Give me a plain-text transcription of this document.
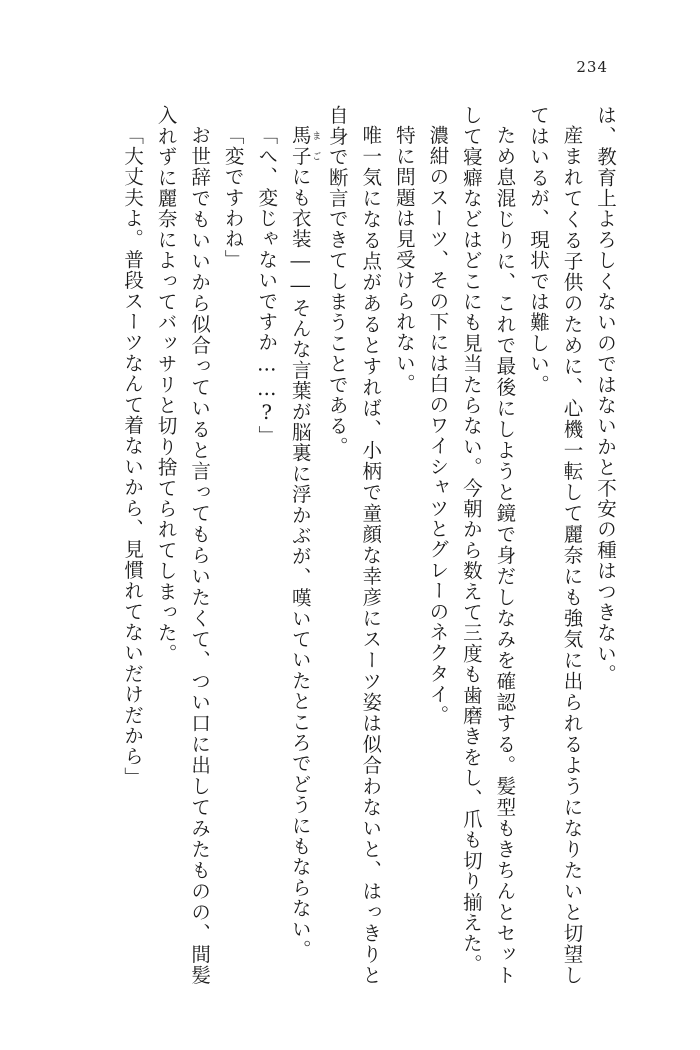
234

は、教育上よろしくないのではないかと不安の種はつきない。

産まれてくる子供のために、心機一転して麗奈にも強気に出られるようになりたいと切望してはいるが、現状では難しい。

ため息混じりに、これで最後にしようと鏡で身だしなみを確認する。髪型もきちんとセットして寝癖などはどこにも見当たらない。今朝から数えて三度も歯磨きをし、爪も切り揃えた。

濃紺のスーツ、その下には白のワイシャツとグレーのネクタイ。

特に問題は見受けられない。

唯一気になる点があるとすれば、小柄で童顔な幸彦にスーツ姿は似合わないと、はっきりと自身で断言できてしまうことである。

馬子まごにも衣装――そんな言葉が脳裏に浮かぶが、嘆いていたところでどうにもならない。

「へ、変じゃないですか……?」

「変ですわね」

お世辞でもいいから似合っていると言ってもらいたくて、つい口に出してみたものの、間髪入れずに麗奈によってバッサリと切り捨てられてしまった。

「大丈夫よ。普段スーツなんて着ないから、見慣れてないだけだから」
